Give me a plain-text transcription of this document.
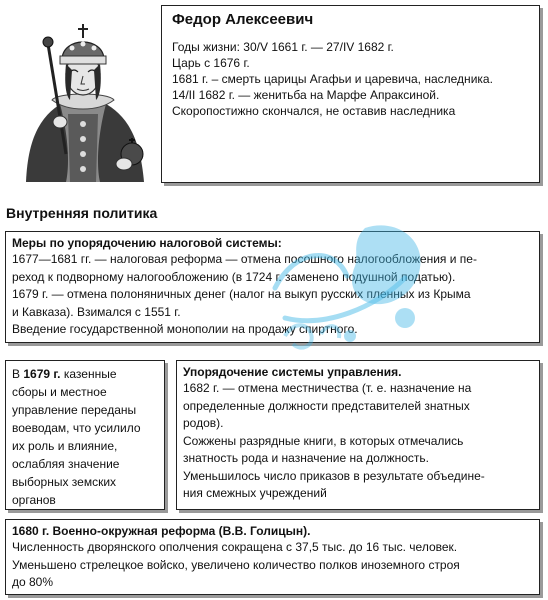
Федор Алексеевич
Годы жизни: 30/V 1661 г. — 27/IV 1682 г.
Царь с 1676 г.
1681 г. – смерть царицы Агафьи и царевича, наследника.
14/II 1682 г. — женитьба на Марфе Апраксиной.
Скоропостижно скончался, не оставив наследника
Внутренняя политика
Меры по упорядочению налоговой системы:
1677—1681 гг. — налоговая реформа — отмена посошного налогообложения и пе-
реход к подворному налогообложению (в 1724 г. заменено подушной податью).
1679 г. — отмена полоняничных денег (налог на выкуп русских пленных из Крыма
и Кавказа). Взимался с 1551 г.
Введение государственной монополии на продажу спиртного.
В 1679 г. казенные
сборы и местное
управление переданы
воеводам, что усилило
их роль и влияние,
ослабляя значение
выборных земских
органов
Упорядочение системы управления.
1682 г. — отмена местничества (т. е. назначение на
определенные должности представителей знатных
родов).
Сожжены разрядные книги, в которых отмечались
знатность рода и назначение на должность.
Уменьшилось число приказов в результате объедине-
ния смежных учреждений
1680 г. Военно-окружная реформа (В.В. Голицын).
Численность дворянского ополчения сокращена с 37,5 тыс. до 16 тыс. человек.
Уменьшено стрелецкое войско, увеличено количество полков иноземного строя
до 80%
